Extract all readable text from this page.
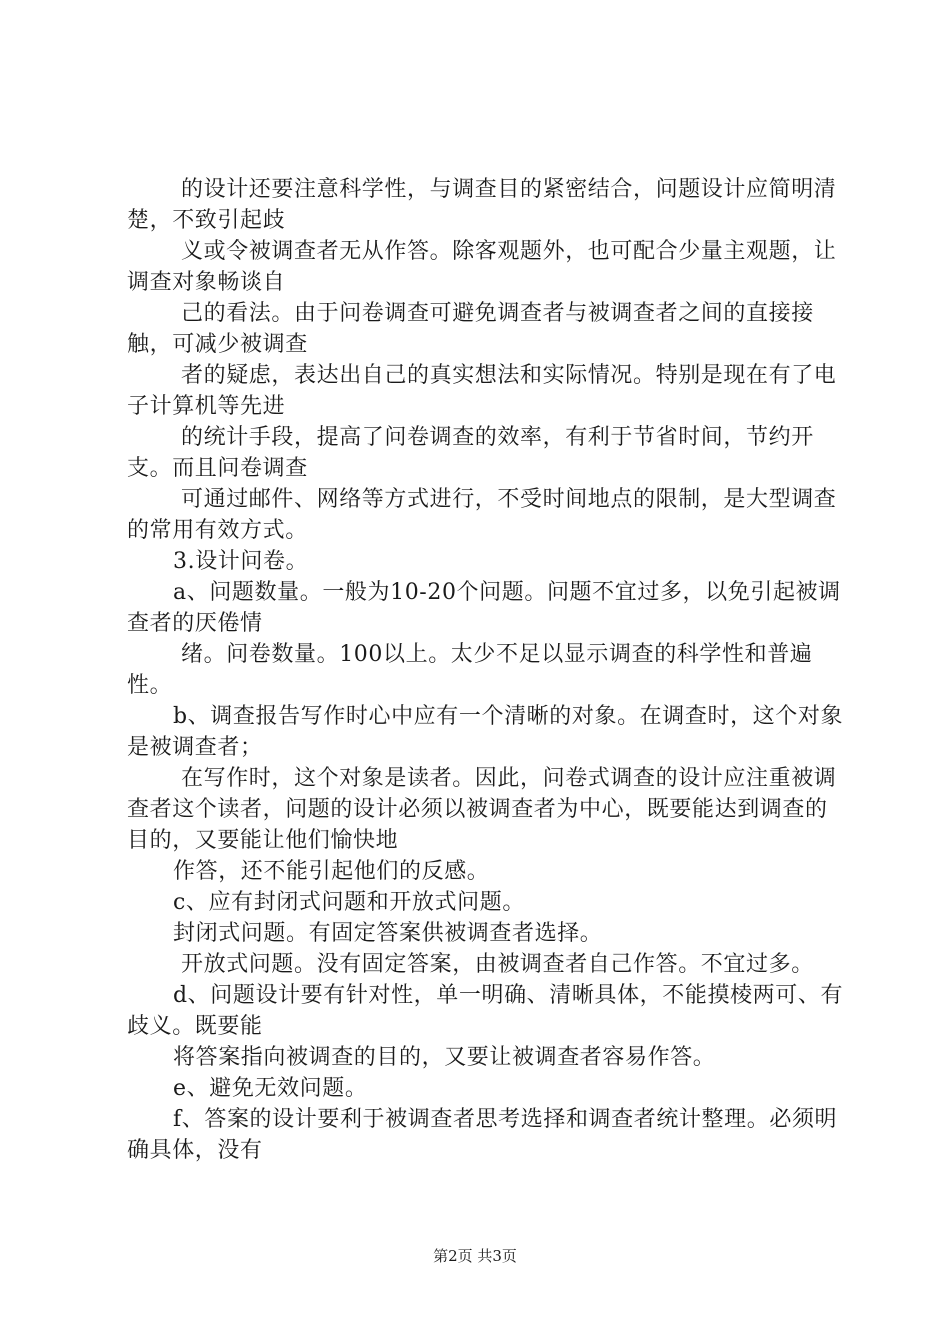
的设计还要注意科学性，与调查目的紧密结合，问题设计应简明清楚，不致引起歧

义或令被调查者无从作答。除客观题外，也可配合少量主观题，让调查对象畅谈自

己的看法。由于问卷调查可避免调查者与被调查者之间的直接接触，可减少被调查

者的疑虑，表达出自己的真实想法和实际情况。特别是现在有了电子计算机等先进

的统计手段，提高了问卷调查的效率，有利于节省时间，节约开支。而且问卷调查

可通过邮件、网络等方式进行，不受时间地点的限制，是大型调查的常用有效方式。

3.设计问卷。

a、问题数量。一般为10-20个问题。问题不宜过多，以免引起被调查者的厌倦情

绪。问卷数量。100以上。太少不足以显示调查的科学性和普遍性。

b、调查报告写作时心中应有一个清晰的对象。在调查时，这个对象是被调查者；

在写作时，这个对象是读者。因此，问卷式调查的设计应注重被调查者这个读者，问题的设计必须以被调查者为中心，既要能达到调查的目的，又要能让他们愉快地

作答，还不能引起他们的反感。

c、应有封闭式问题和开放式问题。

封闭式问题。有固定答案供被调查者选择。

开放式问题。没有固定答案，由被调查者自己作答。不宜过多。

d、问题设计要有针对性，单一明确、清晰具体，不能摸棱两可、有歧义。既要能

将答案指向被调查的目的，又要让被调查者容易作答。

e、避免无效问题。

f、答案的设计要利于被调查者思考选择和调查者统计整理。必须明确具体，没有

第2页 共3页
